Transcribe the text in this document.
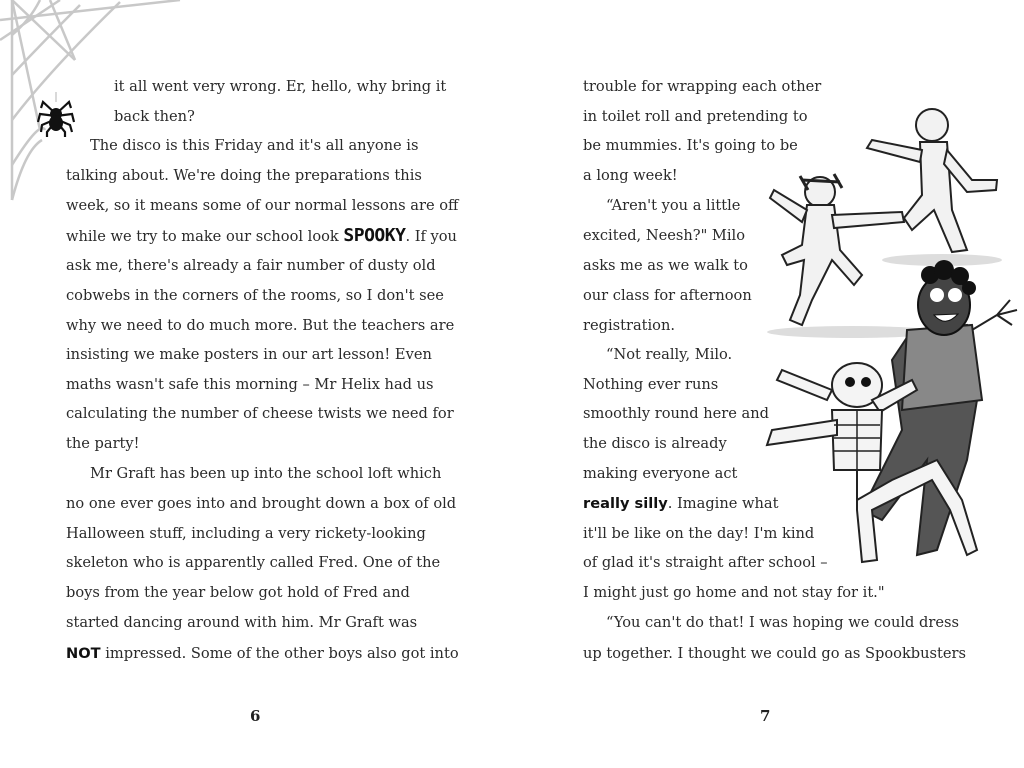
it all went very wrong. Er, hello, why bring it
back then?
The disco is this Friday and it's all anyone is
talking about. We're doing the preparations this
week, so it means some of our normal lessons are off
while we try to make our school look SPOOKY. If you
ask me, there's already a fair number of dusty old
cobwebs in the corners of the rooms, so I don't see
why we need to do much more. But the teachers are
insisting we make posters in our art lesson! Even
maths wasn't safe this morning – Mr Helix had us
calculating the number of cheese twists we need for
the party!
Mr Graft has been up into the school loft which
no one ever goes into and brought down a box of old
Halloween stuff, including a very rickety-looking
skeleton who is apparently called Fred. One of the
boys from the year below got hold of Fred and
started dancing around with him. Mr Graft was
NOT impressed. Some of the other boys also got into
6
trouble for wrapping each other
in toilet roll and pretending to
be mummies. It's going to be
a long week!
“Aren't you a little
excited, Neesh?" Milo
asks me as we walk to
our class for afternoon
registration.
“Not really, Milo.
Nothing ever runs
smoothly round here and
the disco is already
making everyone act
really silly. Imagine what
it'll be like on the day! I'm kind
of glad it's straight after school –
I might just go home and not stay for it."
“You can't do that! I was hoping we could dress
up together. I thought we could go as Spookbusters
7
